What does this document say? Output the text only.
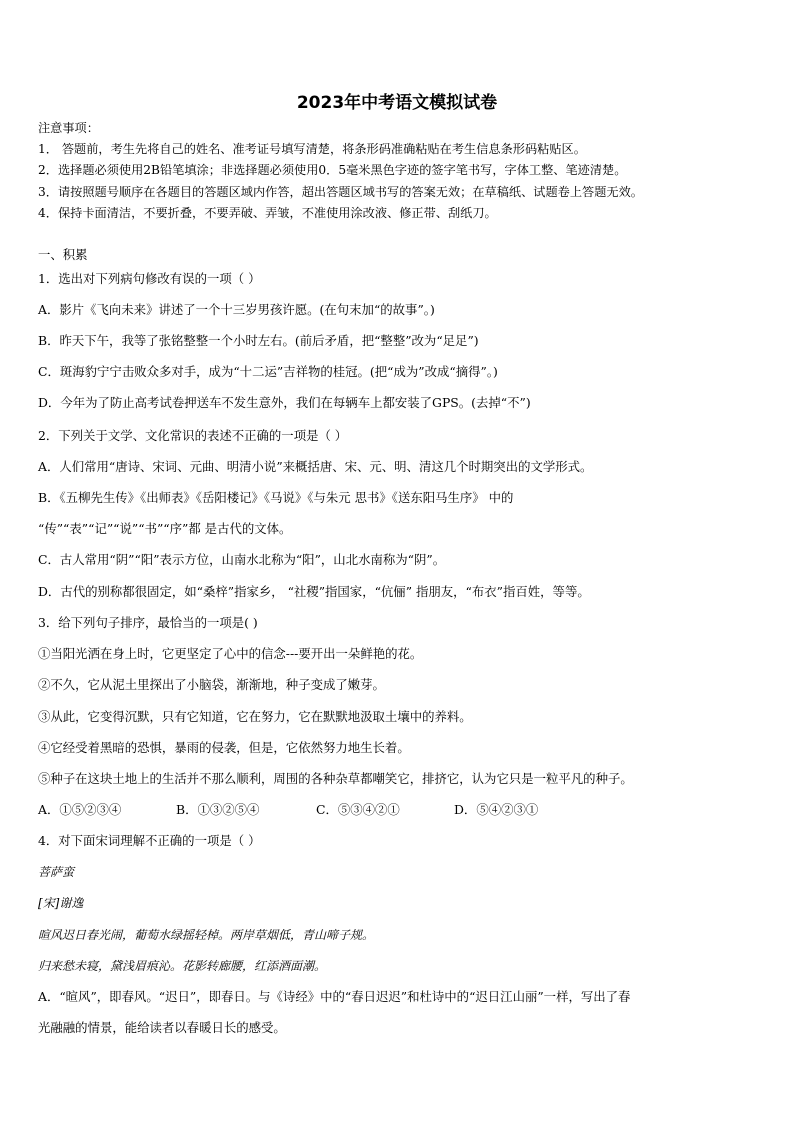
2023年中考语文模拟试卷
注意事项：
1． 答题前，考生先将自己的姓名、准考证号填写清楚，将条形码准确粘贴在考生信息条形码粘贴区。
2．选择题必须使用2B铅笔填涂；非选择题必须使用0．5毫米黑色字迹的签字笔书写，字体工整、笔迹清楚。
3．请按照题号顺序在各题目的答题区域内作答，超出答题区域书写的答案无效；在草稿纸、试题卷上答题无效。
4．保持卡面清洁，不要折叠，不要弄破、弄皱，不准使用涂改液、修正带、刮纸刀。
一、积累
1．选出对下列病句修改有误的一项（ ）
A．影片《飞向未来》讲述了一个十三岁男孩许愿。(在句末加“的故事”。)
B．昨天下午，我等了张铭整整一个小时左右。(前后矛盾，把“整整”改为“足足”)
C．斑海豹宁宁击败众多对手，成为“十二运”吉祥物的桂冠。(把“成为”改成“摘得”。)
D．今年为了防止高考试卷押送车不发生意外，我们在每辆车上都安装了GPS。(去掉“不”)
2．下列关于文学、文化常识的表述不正确的一项是（ ）
A．人们常用“唐诗、宋词、元曲、明清小说”来概括唐、宋、元、明、清这几个时期突出的文学形式。
B．《五柳先生传》《出师表》《岳阳楼记》《马说》《与朱元 思书》《送东阳马生序》 中的
“传”“表”“记”“说”“书”“序”都 是古代的文体。
C．古人常用“阴”“阳”表示方位，山南水北称为“阳”，山北水南称为“阴”。
D．古代的别称都很固定，如“桑梓”指家乡， “社稷”指国家，“伉俪” 指朋友，“布衣”指百姓，等等。
3．给下列句子排序，最恰当的一项是( )
①当阳光洒在身上时，它更坚定了心中的信念---要开出一朵鲜艳的花。
②不久，它从泥土里探出了小脑袋，渐渐地，种子变成了嫩芽。
③从此，它变得沉默，只有它知道，它在努力，它在默默地汲取土壤中的养料。
④它经受着黑暗的恐惧，暴雨的侵袭，但是，它依然努力地生长着。
⑤种子在这块土地上的生活并不那么顺利，周围的各种杂草都嘲笑它，排挤它，认为它只是一粒平凡的种子。
A．①⑤②③④	B．①③②⑤④	C．⑤③④②①	D．⑤④②③①
4．对下面宋词理解不正确的一项是（ ）
菩萨蛮
[宋]谢逸
暄风迟日春光闹，葡萄水绿摇轻棹。两岸草烟低，青山啼子规。
归来愁未寝，黛浅眉痕沁。花影转廊腰，红添酒面潮。
A．“暄风”，即春风。“迟日”，即春日。与《诗经》中的“春日迟迟”和杜诗中的“迟日江山丽”一样，写出了春
光融融的情景，能给读者以春暖日长的感受。
